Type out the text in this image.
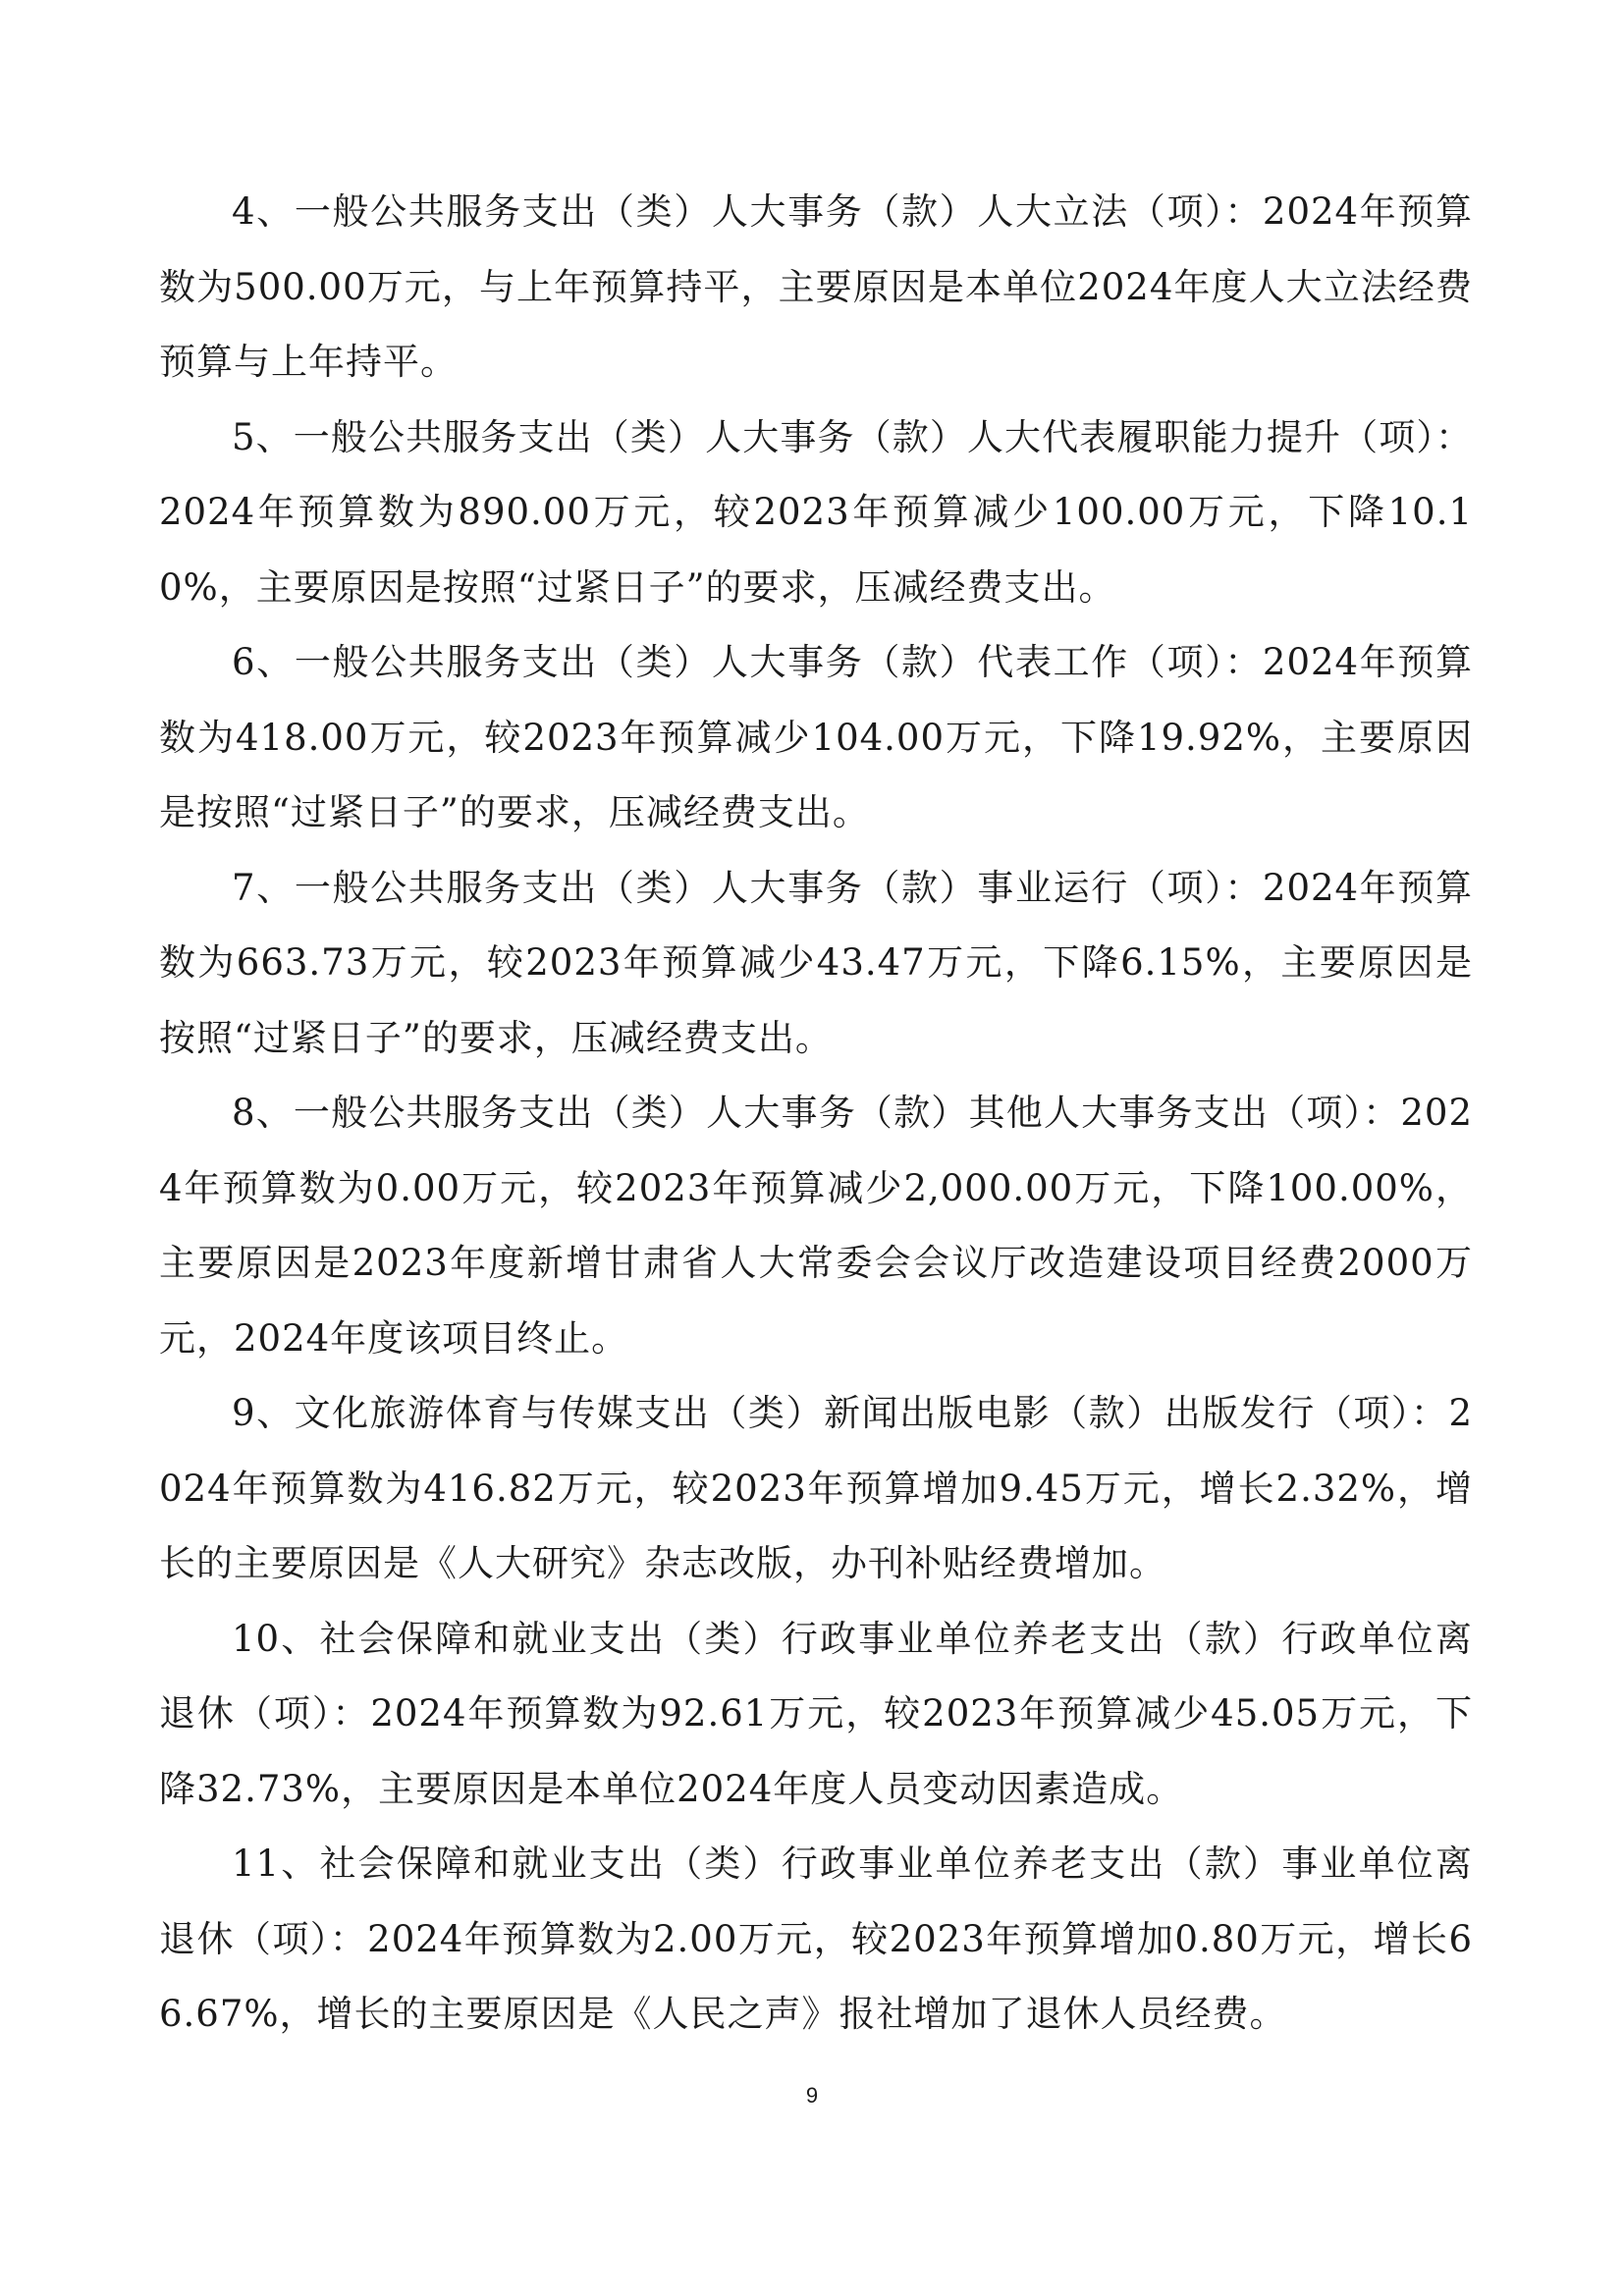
4、一般公共服务支出（类）人大事务（款）人大立法（项）：2024年预算数为500.00万元，与上年预算持平，主要原因是本单位2024年度人大立法经费预算与上年持平。

5、一般公共服务支出（类）人大事务（款）人大代表履职能力提升（项）：2024年预算数为890.00万元，较2023年预算减少100.00万元，下降10.10%，主要原因是按照“过紧日子”的要求，压减经费支出。

6、一般公共服务支出（类）人大事务（款）代表工作（项）：2024年预算数为418.00万元，较2023年预算减少104.00万元，下降19.92%，主要原因是按照“过紧日子”的要求，压减经费支出。

7、一般公共服务支出（类）人大事务（款）事业运行（项）：2024年预算数为663.73万元，较2023年预算减少43.47万元，下降6.15%，主要原因是按照“过紧日子”的要求，压减经费支出。

8、一般公共服务支出（类）人大事务（款）其他人大事务支出（项）：2024年预算数为0.00万元，较2023年预算减少2,000.00万元，下降100.00%，主要原因是2023年度新增甘肃省人大常委会会议厅改造建设项目经费2000万元，2024年度该项目终止。

9、文化旅游体育与传媒支出（类）新闻出版电影（款）出版发行（项）：2024年预算数为416.82万元，较2023年预算增加9.45万元，增长2.32%，增长的主要原因是《人大研究》杂志改版，办刊补贴经费增加。

10、社会保障和就业支出（类）行政事业单位养老支出（款）行政单位离退休（项）：2024年预算数为92.61万元，较2023年预算减少45.05万元，下降32.73%，主要原因是本单位2024年度人员变动因素造成。

11、社会保障和就业支出（类）行政事业单位养老支出（款）事业单位离退休（项）：2024年预算数为2.00万元，较2023年预算增加0.80万元，增长66.67%，增长的主要原因是《人民之声》报社增加了退休人员经费。

9
